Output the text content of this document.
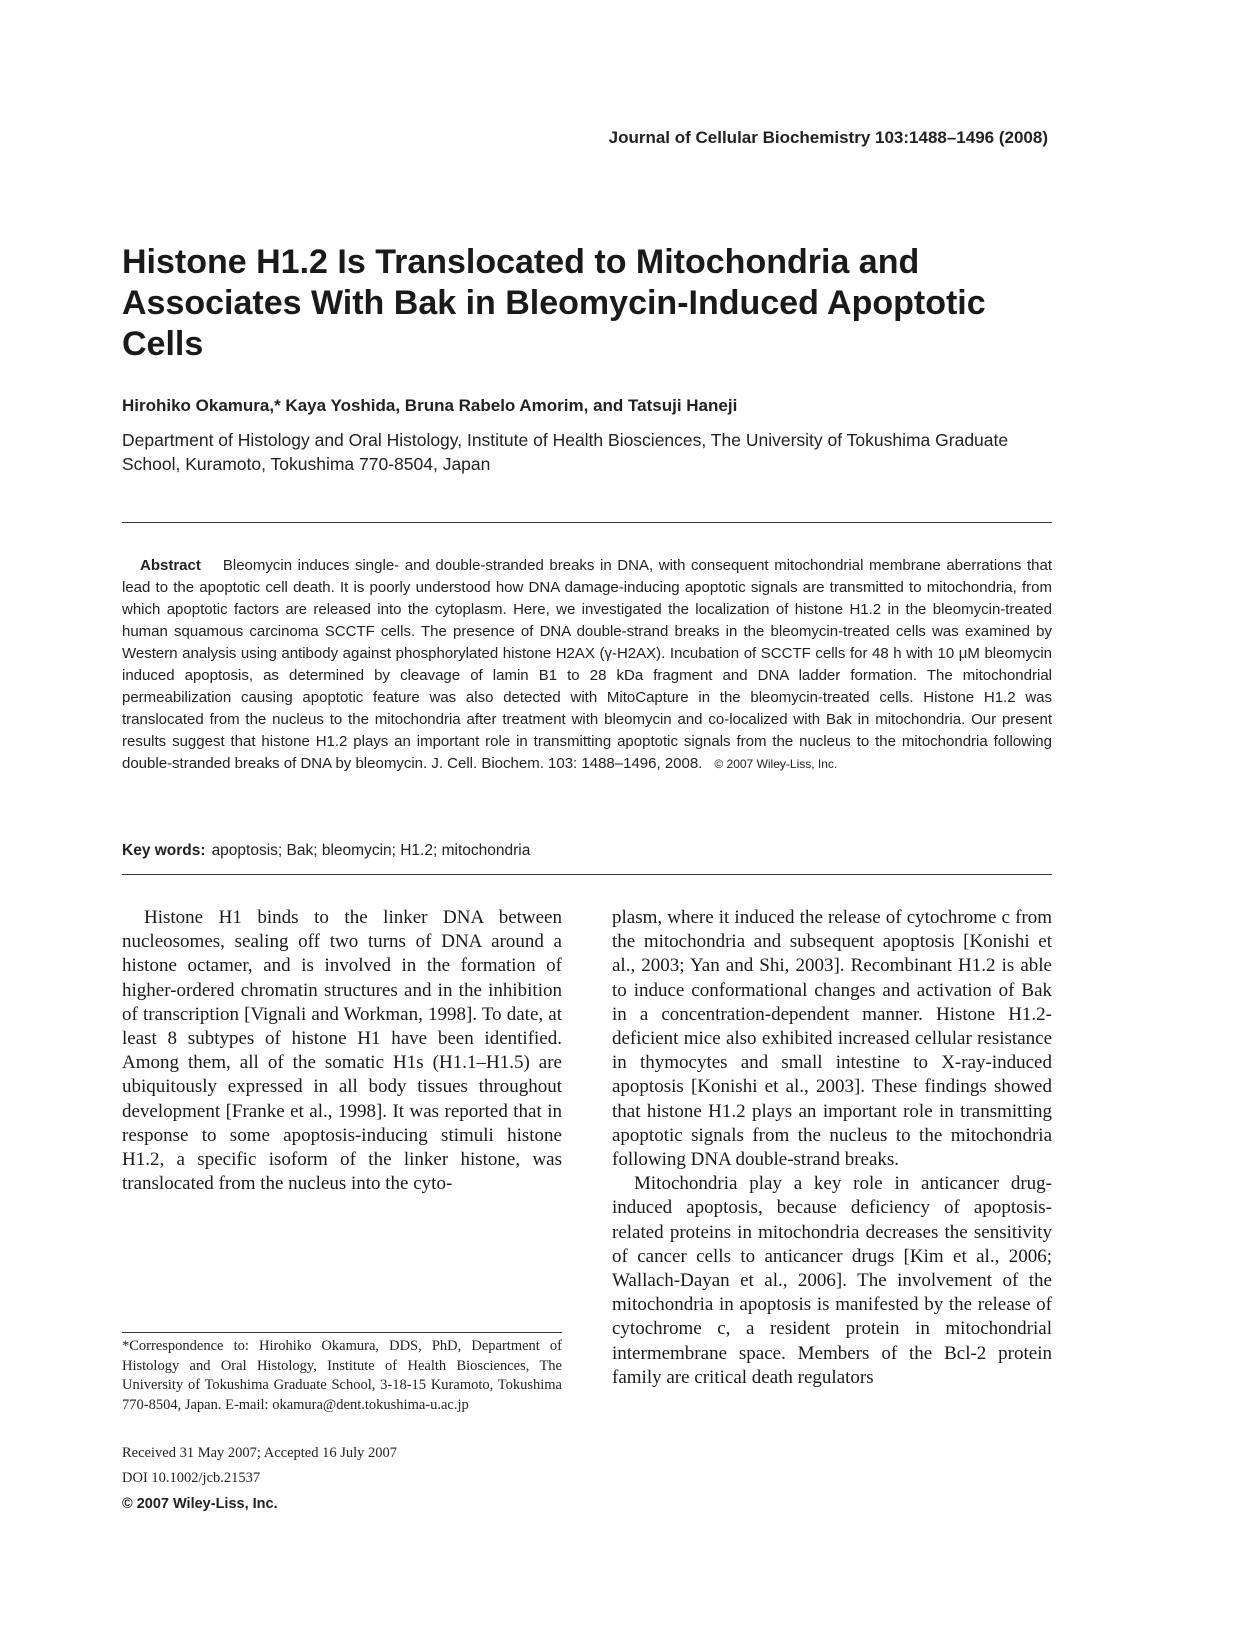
Journal of Cellular Biochemistry 103:1488–1496 (2008)
Histone H1.2 Is Translocated to Mitochondria and Associates With Bak in Bleomycin-Induced Apoptotic Cells
Hirohiko Okamura,* Kaya Yoshida, Bruna Rabelo Amorim, and Tatsuji Haneji
Department of Histology and Oral Histology, Institute of Health Biosciences, The University of Tokushima Graduate School, Kuramoto, Tokushima 770-8504, Japan

Abstract Bleomycin induces single- and double-stranded breaks in DNA, with consequent mitochondrial membrane aberrations that lead to the apoptotic cell death. It is poorly understood how DNA damage-inducing apoptotic signals are transmitted to mitochondria, from which apoptotic factors are released into the cytoplasm. Here, we investigated the localization of histone H1.2 in the bleomycin-treated human squamous carcinoma SCCTF cells. The presence of DNA double-strand breaks in the bleomycin-treated cells was examined by Western analysis using antibody against phosphorylated histone H2AX (γ-H2AX). Incubation of SCCTF cells for 48 h with 10 μM bleomycin induced apoptosis, as determined by cleavage of lamin B1 to 28 kDa fragment and DNA ladder formation. The mitochondrial permeabilization causing apoptotic feature was also detected with MitoCapture in the bleomycin-treated cells. Histone H1.2 was translocated from the nucleus to the mitochondria after treatment with bleomycin and co-localized with Bak in mitochondria. Our present results suggest that histone H1.2 plays an important role in transmitting apoptotic signals from the nucleus to the mitochondria following double-stranded breaks of DNA by bleomycin. J. Cell. Biochem. 103: 1488–1496, 2008. © 2007 Wiley-Liss, Inc.

Key words: apoptosis; Bak; bleomycin; H1.2; mitochondria

Histone H1 binds to the linker DNA between nucleosomes, sealing off two turns of DNA around a histone octamer, and is involved in the formation of higher-ordered chromatin structures and in the inhibition of transcription [Vignali and Workman, 1998]. To date, at least 8 subtypes of histone H1 have been identified. Among them, all of the somatic H1s (H1.1–H1.5) are ubiquitously expressed in all body tissues throughout development [Franke et al., 1998]. It was reported that in response to some apoptosis-inducing stimuli histone H1.2, a specific isoform of the linker histone, was translocated from the nucleus into the cyto-

plasm, where it induced the release of cytochrome c from the mitochondria and subsequent apoptosis [Konishi et al., 2003; Yan and Shi, 2003]. Recombinant H1.2 is able to induce conformational changes and activation of Bak in a concentration-dependent manner. Histone H1.2-deficient mice also exhibited increased cellular resistance in thymocytes and small intestine to X-ray-induced apoptosis [Konishi et al., 2003]. These findings showed that histone H1.2 plays an important role in transmitting apoptotic signals from the nucleus to the mitochondria following DNA double-strand breaks.

Mitochondria play a key role in anticancer drug-induced apoptosis, because deficiency of apoptosis-related proteins in mitochondria decreases the sensitivity of cancer cells to anticancer drugs [Kim et al., 2006; Wallach-Dayan et al., 2006]. The involvement of the mitochondria in apoptosis is manifested by the release of cytochrome c, a resident protein in mitochondrial intermembrane space. Members of the Bcl-2 protein family are critical death regulators

*Correspondence to: Hirohiko Okamura, DDS, PhD, Department of Histology and Oral Histology, Institute of Health Biosciences, The University of Tokushima Graduate School, 3-18-15 Kuramoto, Tokushima 770-8504, Japan. E-mail: okamura@dent.tokushima-u.ac.jp

Received 31 May 2007; Accepted 16 July 2007
DOI 10.1002/jcb.21537
© 2007 Wiley-Liss, Inc.
